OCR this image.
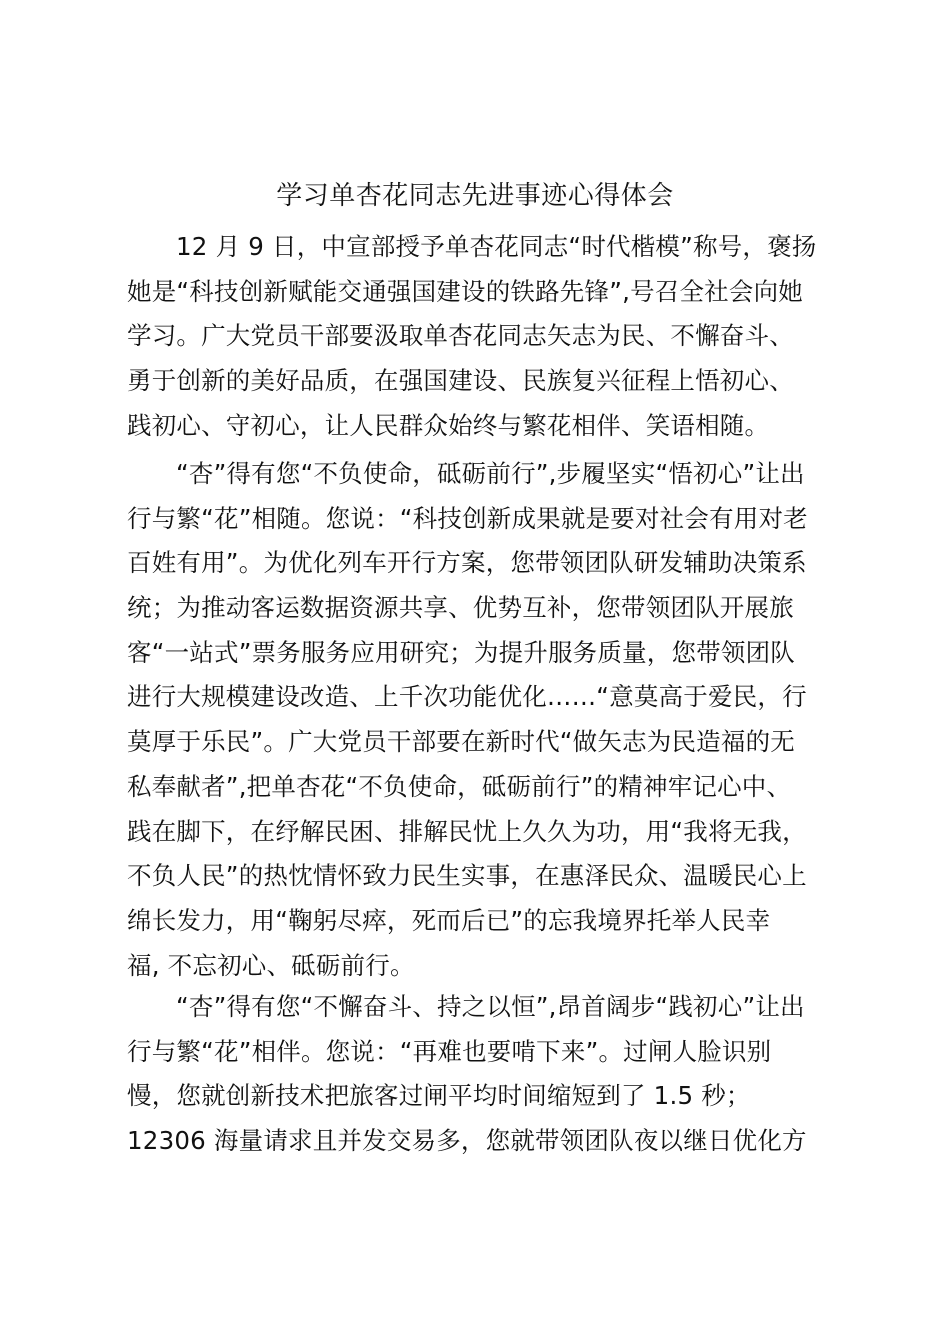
学习单杏花同志先进事迹心得体会
12 月 9 日，中宣部授予单杏花同志“时代楷模”称号，褒扬
她是“科技创新赋能交通强国建设的铁路先锋”,号召全社会向她
学习。广大党员干部要汲取单杏花同志矢志为民、不懈奋斗、
勇于创新的美好品质，在强国建设、民族复兴征程上悟初心、
践初心、守初心，让人民群众始终与繁花相伴、笑语相随。
“杏”得有您“不负使命，砥砺前行”,步履坚实“悟初心”让出
行与繁“花”相随。您说：“科技创新成果就是要对社会有用对老
百姓有用”。为优化列车开行方案，您带领团队研发辅助决策系
统；为推动客运数据资源共享、优势互补，您带领团队开展旅
客“一站式”票务服务应用研究；为提升服务质量，您带领团队
进行大规模建设改造、上千次功能优化……“意莫高于爱民，行
莫厚于乐民”。广大党员干部要在新时代“做矢志为民造福的无
私奉献者”,把单杏花“不负使命，砥砺前行”的精神牢记心中、
践在脚下，在纾解民困、排解民忧上久久为功，用“我将无我，
不负人民”的热忱情怀致力民生实事，在惠泽民众、温暖民心上
绵长发力，用“鞠躬尽瘁，死而后已”的忘我境界托举人民幸
福, 不忘初心、砥砺前行。
“杏”得有您“不懈奋斗、持之以恒”,昂首阔步“践初心”让出
行与繁“花”相伴。您说：“再难也要啃下来”。过闸人脸识别
慢，您就创新技术把旅客过闸平均时间缩短到了 1.5 秒；
12306 海量请求且并发交易多，您就带领团队夜以继日优化方
